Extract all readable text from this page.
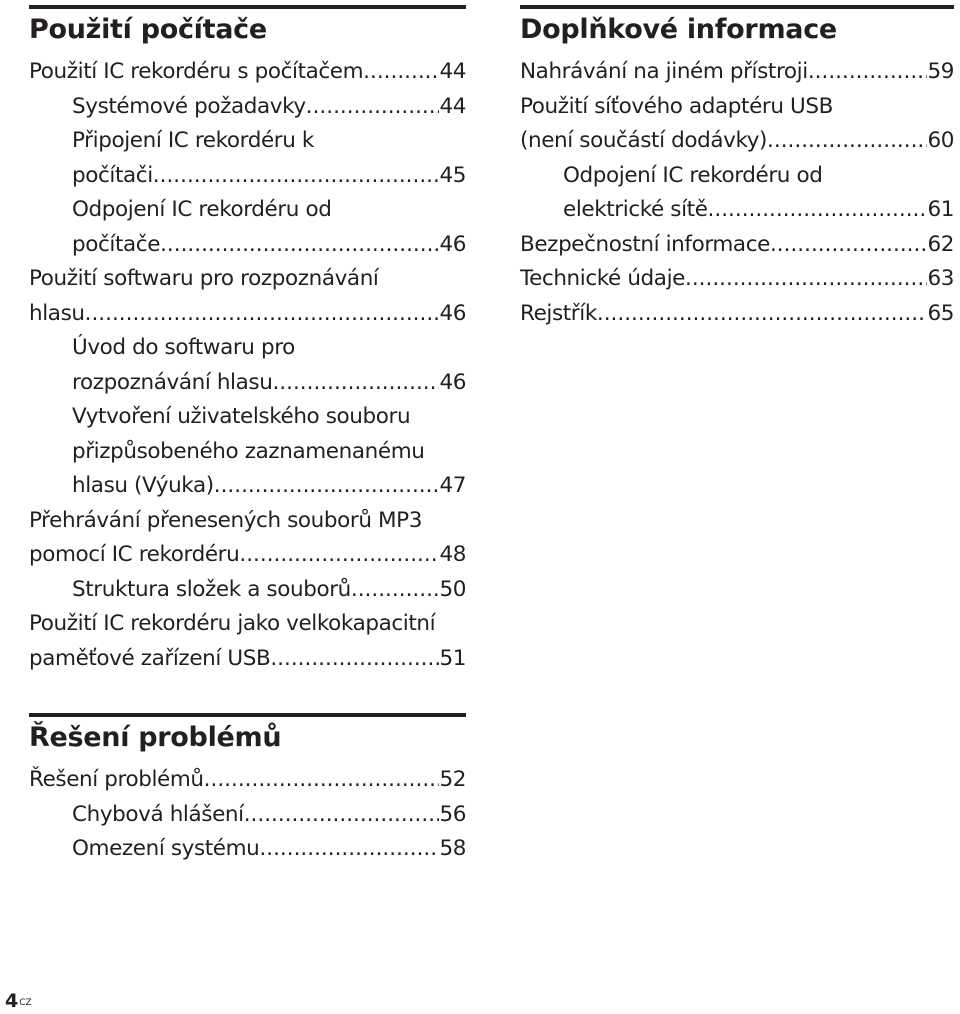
Použití počítače
Použití IC rekordéru s počítačem .....	44
Systémové požadavky .....	44
Připojení IC rekordéru k
počítači .....	45
Odpojení IC rekordéru od
počítače .....	46
Použití softwaru pro rozpoznávání
hlasu .....	46
Úvod do softwaru pro
rozpoznávání hlasu .....	46
Vytvoření uživatelského souboru
přizpůsobeného zaznamenanému
hlasu (Výuka) .....	47
Přehrávání přenesených souborů MP3
pomocí IC rekordéru .....	48
Struktura složek a souborů .....	50
Použití IC rekordéru jako velkokapacitní
paměťové zařízení USB .....	51
Řešení problémů
Řešení problémů .....	52
Chybová hlášení .....	56
Omezení systému .....	58
Doplňkové informace
Nahrávání na jiném přístroji .....	59
Použití síťového adaptéru USB
(není součástí dodávky) .....	60
Odpojení IC rekordéru od
elektrické sítě .....	61
Bezpečnostní informace .....	62
Technické údaje .....	63
Rejstřík .....	65
$4^{CZ}$
